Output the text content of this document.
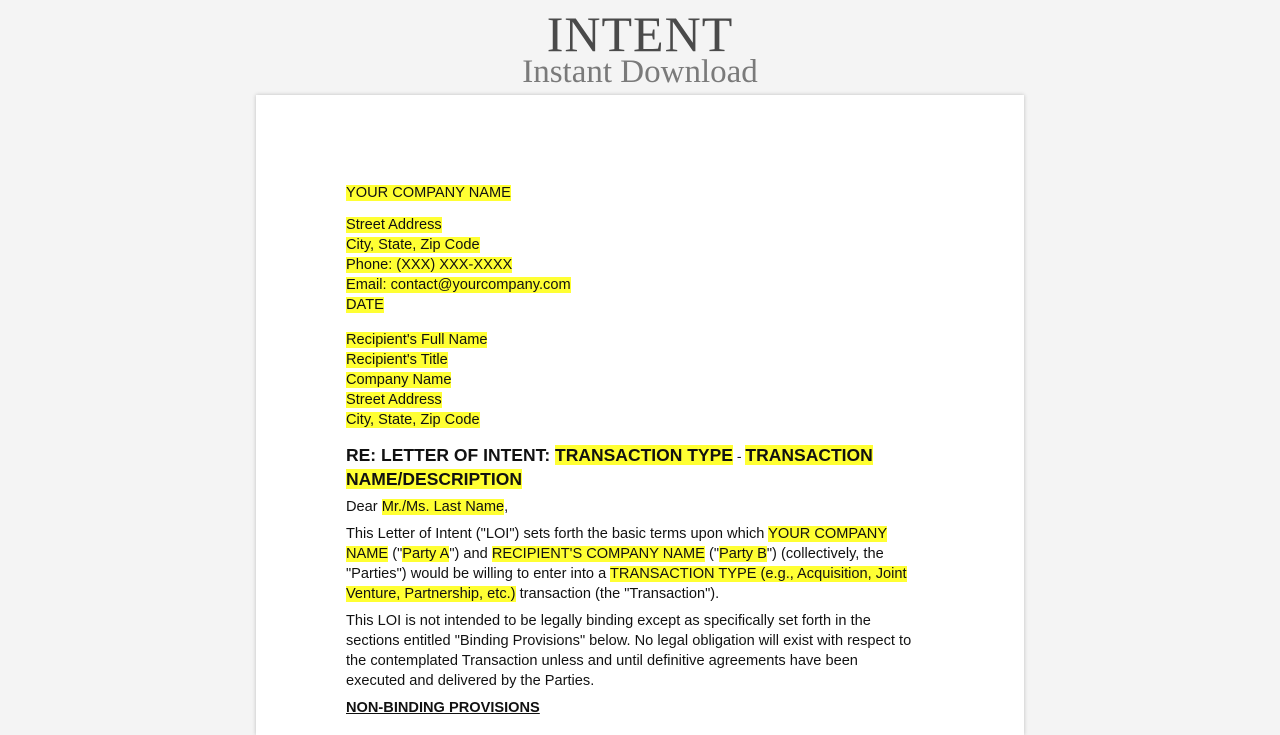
INTENT
Instant Download
YOUR COMPANY NAME
Street Address
City, State, Zip Code
Phone: (XXX) XXX-XXXX
Email: contact@yourcompany.com
DATE
Recipient's Full Name
Recipient's Title
Company Name
Street Address
City, State, Zip Code
RE: LETTER OF INTENT: TRANSACTION TYPE - TRANSACTION
NAME/DESCRIPTION
Dear Mr./Ms. Last Name,
This Letter of Intent ("LOI") sets forth the basic terms upon which YOUR COMPANY
NAME ("Party A") and RECIPIENT'S COMPANY NAME ("Party B") (collectively, the
"Parties") would be willing to enter into a TRANSACTION TYPE (e.g., Acquisition, Joint
Venture, Partnership, etc.) transaction (the "Transaction").
This LOI is not intended to be legally binding except as specifically set forth in the
sections entitled "Binding Provisions" below. No legal obligation will exist with respect to
the contemplated Transaction unless and until definitive agreements have been
executed and delivered by the Parties.
NON-BINDING PROVISIONS
